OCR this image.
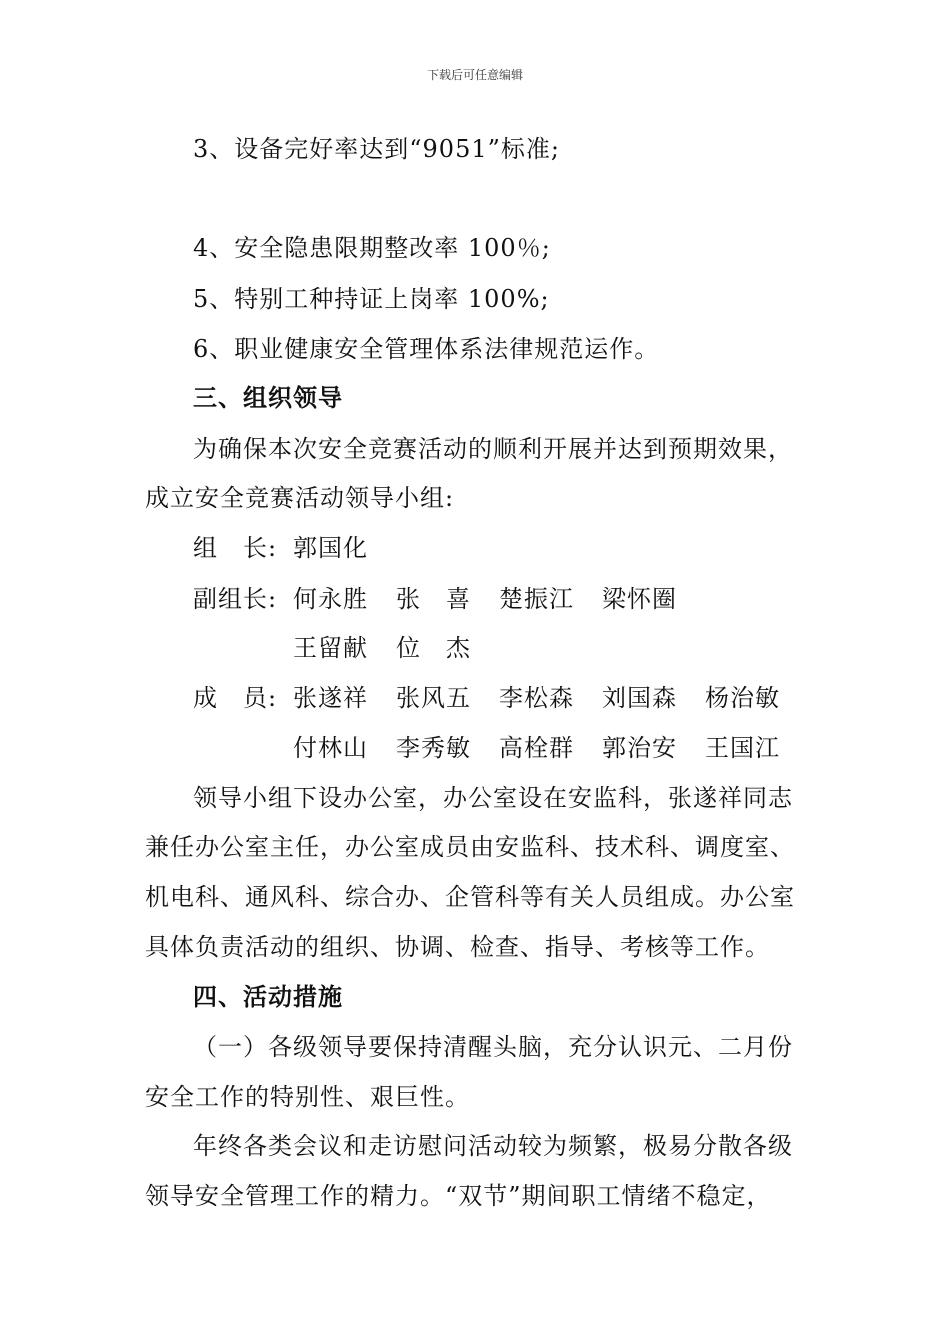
下载后可任意编辑
3、设备完好率达到“9051”标准;
4、安全隐患限期整改率 100％;
5、特别工种持证上岗率 100%;
6、职业健康安全管理体系法律规范运作。
三、组织领导
为确保本次安全竞赛活动的顺利开展并达到预期效果，
成立安全竞赛活动领导小组:
组　长: 郭国化
副组长: 何永胜 张　喜 楚振江 梁怀圈
王留献 位　杰
成　员: 张遂祥 张风五 李松森 刘国森 杨治敏
付林山 李秀敏 高栓群 郭治安 王国江
领导小组下设办公室，办公室设在安监科，张遂祥同志
兼任办公室主任，办公室成员由安监科、技术科、调度室、
机电科、通风科、综合办、企管科等有关人员组成。办公室
具体负责活动的组织、协调、检查、指导、考核等工作。
四、活动措施
（一）各级领导要保持清醒头脑，充分认识元、二月份
安全工作的特别性、艰巨性。
年终各类会议和走访慰问活动较为频繁，极易分散各级
领导安全管理工作的精力。“双节”期间职工情绪不稳定，
